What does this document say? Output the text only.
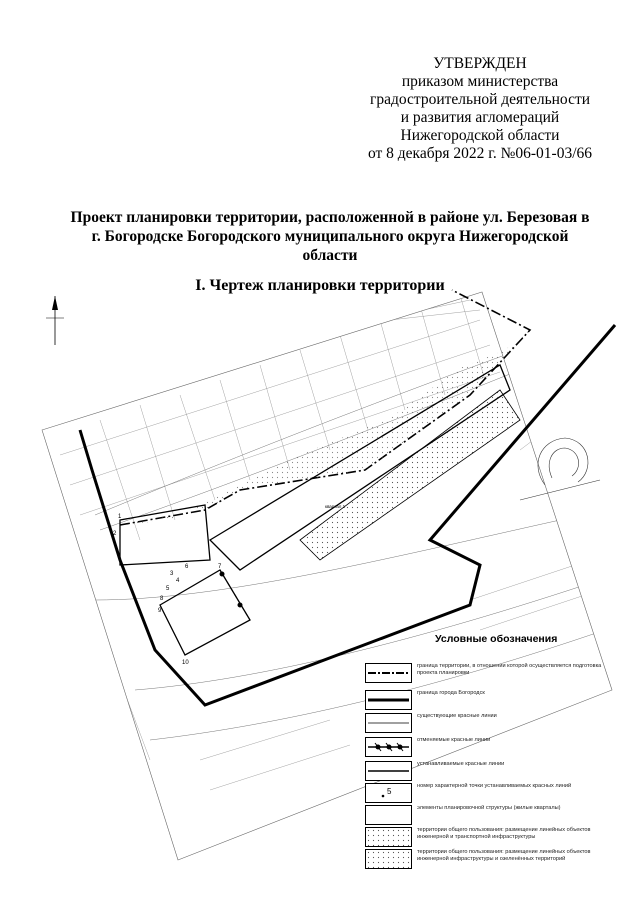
УТВЕРЖДЕН
приказом министерства
градостроительной деятельности
и развития агломераций
Нижегородской области
от 8 декабря 2022 г. №06-01-03/66
Проект планировки территории, расположенной в районе ул. Березовая в
г. Богородске Богородского муниципального округа Нижегородской
области
I. Чертеж планировки территории
1
2
3
4
5
6	7
8
9
10
квартал 1
Условные обозначения
граница территории, в отношении которой осуществляется подготовка проекта планировки
граница города Богородск
существующие красные линии
отменяемые красные линии
устанавливаемые красные линии
5
номер характерной точки устанавливаемых красных линий
элементы планировочной структуры (жилые кварталы)
территории общего пользования: размещение линейных объектов инженерной и транспортной инфраструктуры
территории общего пользования: размещение линейных объектов инженерной инфраструктуры и озеленённых территорий
